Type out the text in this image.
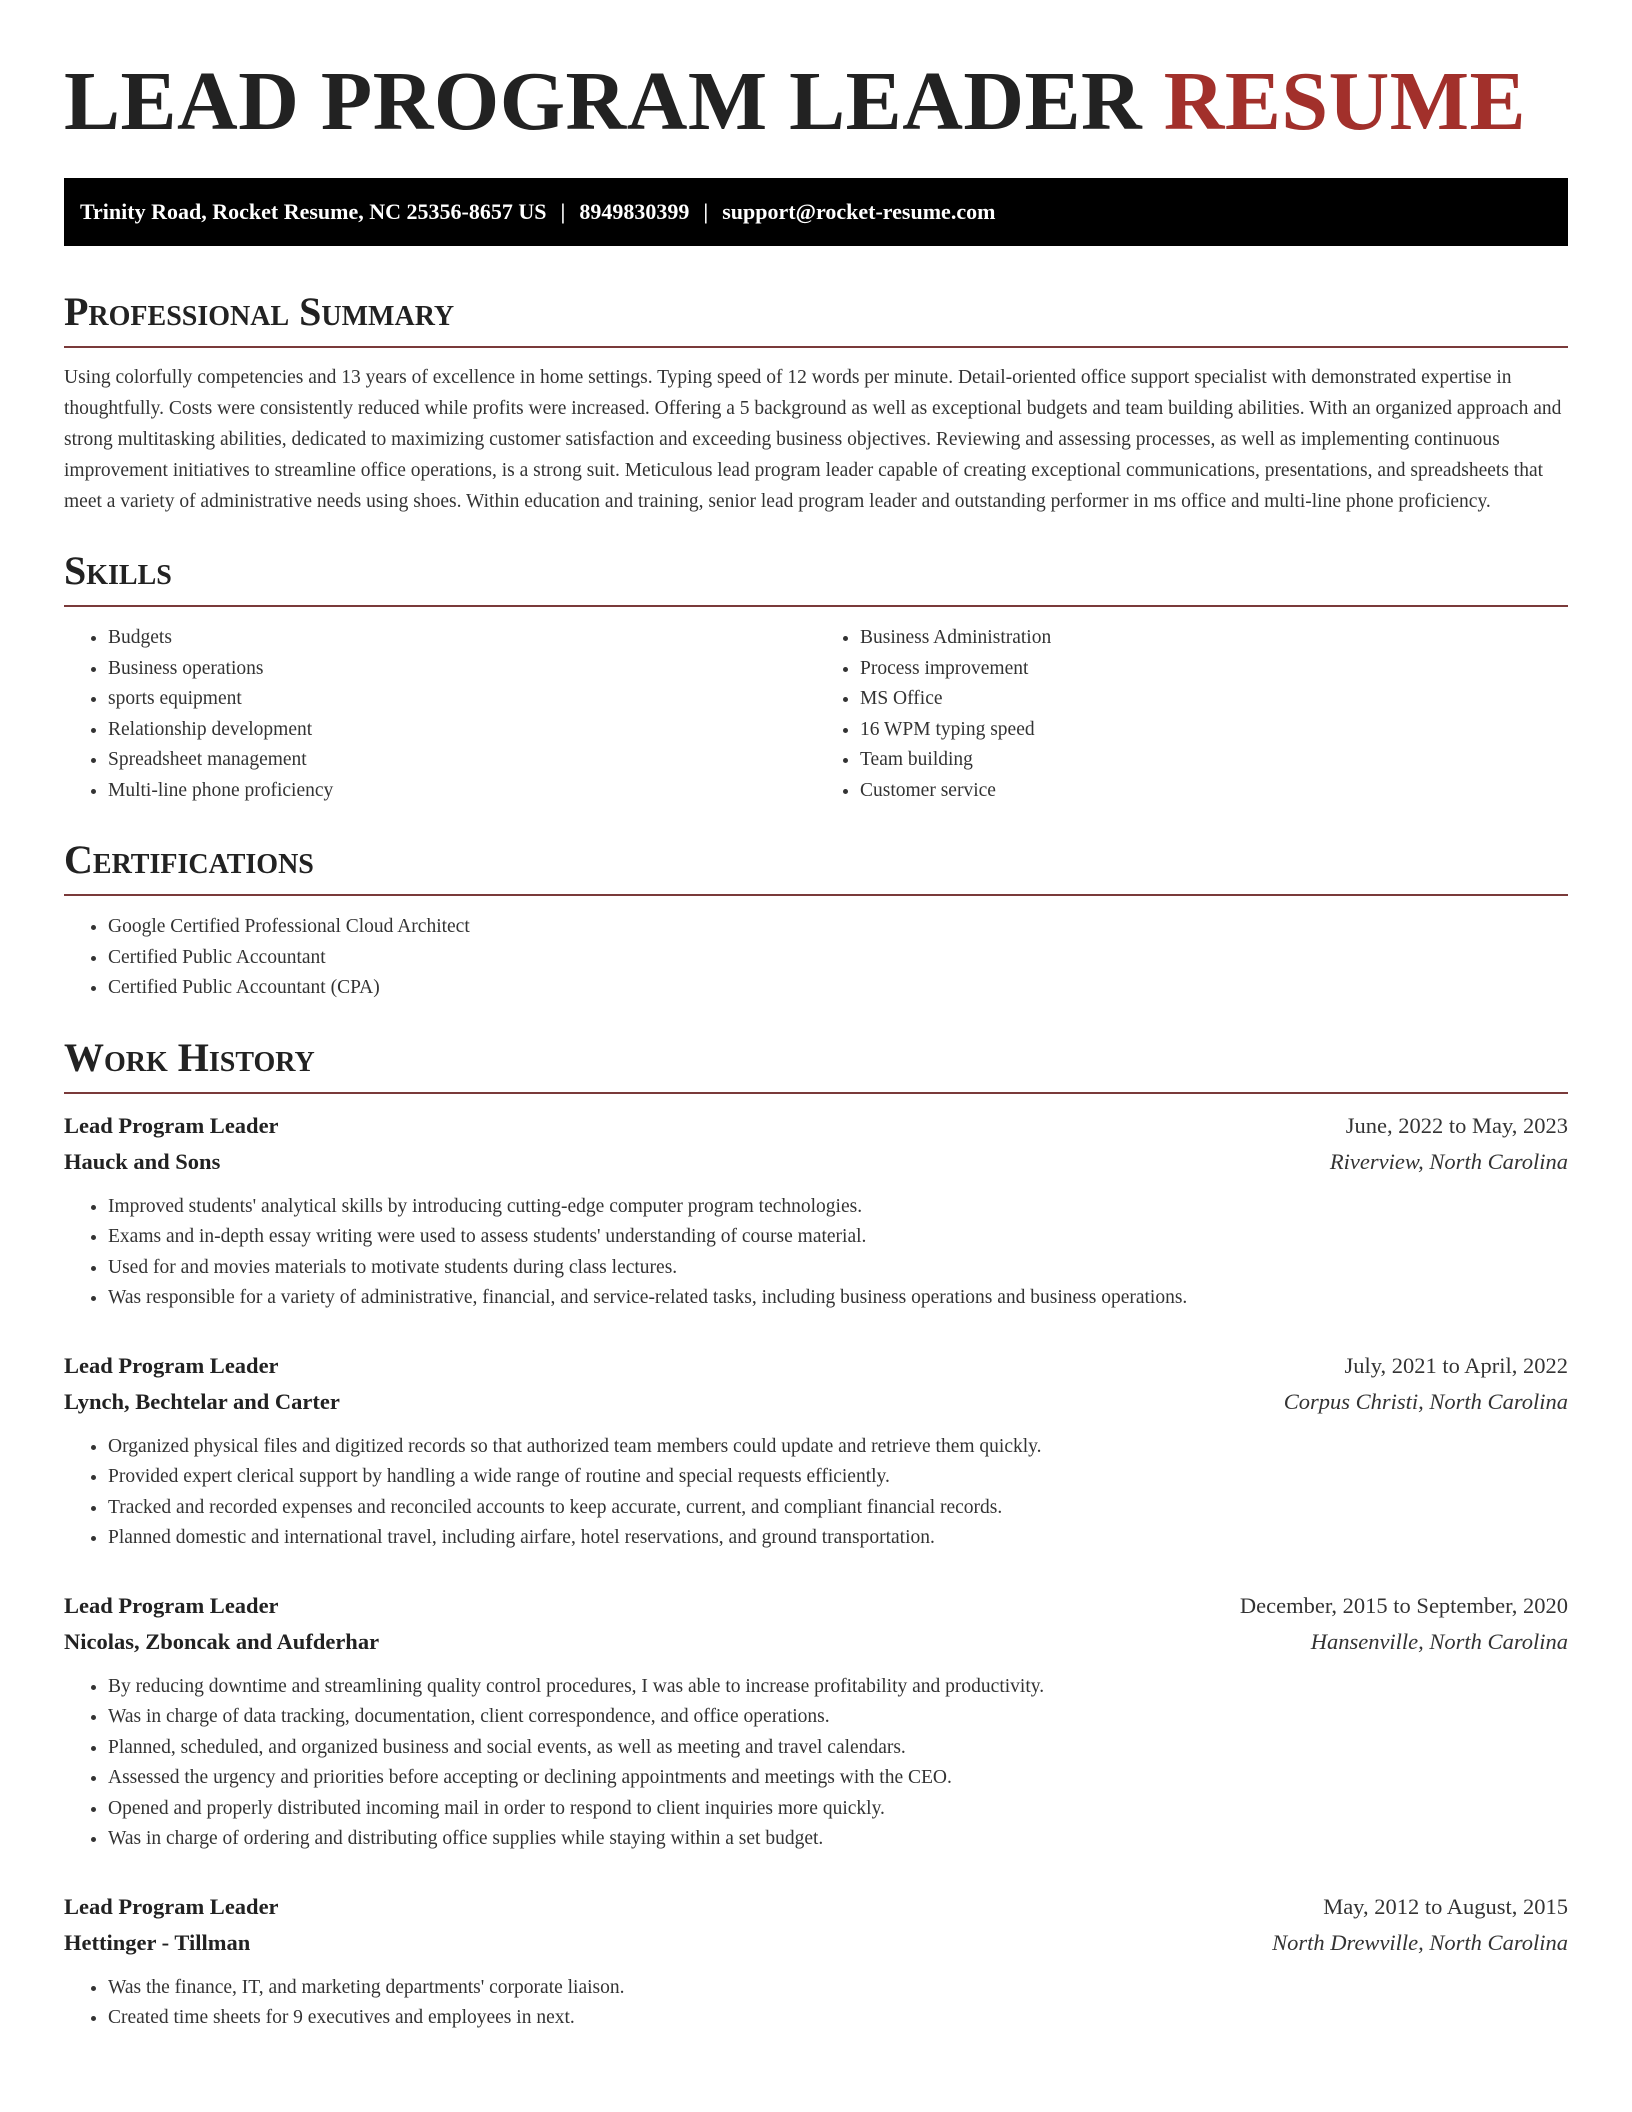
LEAD PROGRAM LEADER RESUME
Trinity Road, Rocket Resume, NC 25356-8657 US | 8949830399 | support@rocket-resume.com
Professional Summary
Using colorfully competencies and 13 years of excellence in home settings. Typing speed of 12 words per minute. Detail-oriented office support specialist with demonstrated expertise in thoughtfully. Costs were consistently reduced while profits were increased. Offering a 5 background as well as exceptional budgets and team building abilities. With an organized approach and strong multitasking abilities, dedicated to maximizing customer satisfaction and exceeding business objectives. Reviewing and assessing processes, as well as implementing continuous improvement initiatives to streamline office operations, is a strong suit. Meticulous lead program leader capable of creating exceptional communications, presentations, and spreadsheets that meet a variety of administrative needs using shoes. Within education and training, senior lead program leader and outstanding performer in ms office and multi-line phone proficiency.
Skills
• Budgets
• Business operations
• sports equipment
• Relationship development
• Spreadsheet management
• Multi-line phone proficiency
• Business Administration
• Process improvement
• MS Office
• 16 WPM typing speed
• Team building
• Customer service
Certifications
• Google Certified Professional Cloud Architect
• Certified Public Accountant
• Certified Public Accountant (CPA)
Work History
Lead Program Leader	June, 2022 to May, 2023
Hauck and Sons	Riverview, North Carolina
• Improved students' analytical skills by introducing cutting-edge computer program technologies.
• Exams and in-depth essay writing were used to assess students' understanding of course material.
• Used for and movies materials to motivate students during class lectures.
• Was responsible for a variety of administrative, financial, and service-related tasks, including business operations and business operations.
Lead Program Leader	July, 2021 to April, 2022
Lynch, Bechtelar and Carter	Corpus Christi, North Carolina
• Organized physical files and digitized records so that authorized team members could update and retrieve them quickly.
• Provided expert clerical support by handling a wide range of routine and special requests efficiently.
• Tracked and recorded expenses and reconciled accounts to keep accurate, current, and compliant financial records.
• Planned domestic and international travel, including airfare, hotel reservations, and ground transportation.
Lead Program Leader	December, 2015 to September, 2020
Nicolas, Zboncak and Aufderhar	Hansenville, North Carolina
• By reducing downtime and streamlining quality control procedures, I was able to increase profitability and productivity.
• Was in charge of data tracking, documentation, client correspondence, and office operations.
• Planned, scheduled, and organized business and social events, as well as meeting and travel calendars.
• Assessed the urgency and priorities before accepting or declining appointments and meetings with the CEO.
• Opened and properly distributed incoming mail in order to respond to client inquiries more quickly.
• Was in charge of ordering and distributing office supplies while staying within a set budget.
Lead Program Leader	May, 2012 to August, 2015
Hettinger - Tillman	North Drewville, North Carolina
• Was the finance, IT, and marketing departments' corporate liaison.
• Created time sheets for 9 executives and employees in next.
